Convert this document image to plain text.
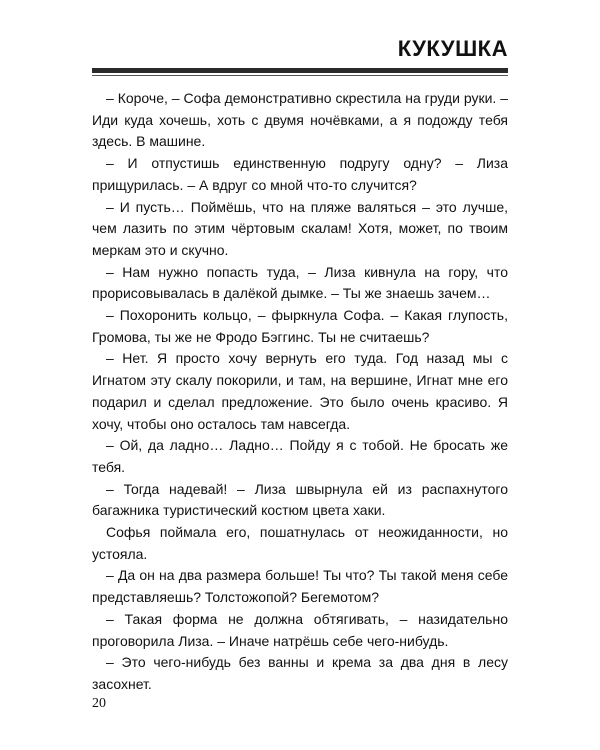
КУКУШКА

– Короче, – Софа демонстративно скрестила на груди руки. – Иди куда хочешь, хоть с двумя ночёвками, а я подожду тебя здесь. В машине.

– И отпустишь единственную подругу одну? – Лиза прищурилась. – А вдруг со мной что-то случится?

– И пусть… Поймёшь, что на пляже валяться – это лучше, чем лазить по этим чёртовым скалам! Хотя, может, по твоим меркам это и скучно.

– Нам нужно попасть туда, – Лиза кивнула на гору, что прорисовывалась в далёкой дымке. – Ты же знаешь зачем…

– Похоронить кольцо, – фыркнула Софа. – Какая глупость, Громова, ты же не Фродо Бэггинс. Ты не считаешь?

– Нет. Я просто хочу вернуть его туда. Год назад мы с Игнатом эту скалу покорили, и там, на вершине, Игнат мне его подарил и сделал предложение. Это было очень красиво. Я хочу, чтобы оно осталось там навсегда.

– Ой, да ладно… Ладно… Пойду я с тобой. Не бросать же тебя.

– Тогда надевай! – Лиза швырнула ей из распахнутого багажника туристический костюм цвета хаки.

Софья поймала его, пошатнулась от неожиданности, но устояла.

– Да он на два размера больше! Ты что? Ты такой меня себе представляешь? Толстожопой? Бегемотом?

– Такая форма не должна обтягивать, – назидательно проговорила Лиза. – Иначе натрёшь себе чего-нибудь.

– Это чего-нибудь без ванны и крема за два дня в лесу засохнет.

20
